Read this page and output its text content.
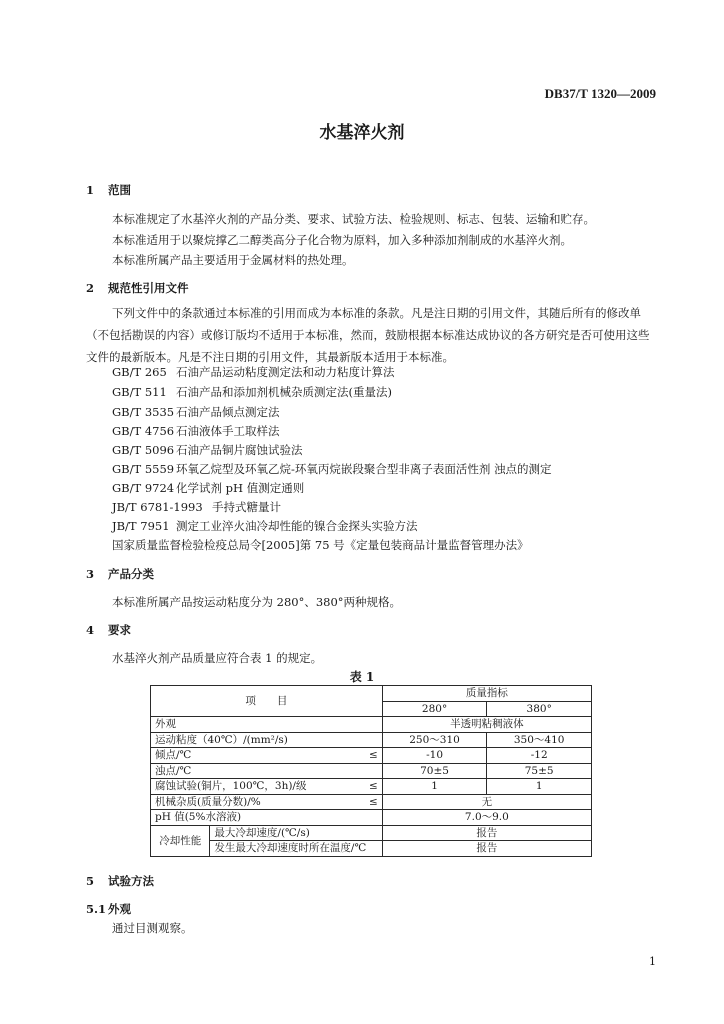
DB37/T 1320—2009
水基淬火剂
1 范围
本标准规定了水基淬火剂的产品分类、要求、试验方法、检验规则、标志、包装、运输和贮存。
本标准适用于以聚烷撑乙二醇类高分子化合物为原料，加入多种添加剂制成的水基淬火剂。
本标准所属产品主要适用于金属材料的热处理。
2 规范性引用文件
下列文件中的条款通过本标准的引用而成为本标准的条款。凡是注日期的引用文件，其随后所有的修改单（不包括勘误的内容）或修订版均不适用于本标准，然而，鼓励根据本标准达成协议的各方研究是否可使用这些文件的最新版本。凡是不注日期的引用文件，其最新版本适用于本标准。
GB/T 265 石油产品运动粘度测定法和动力粘度计算法
GB/T 511 石油产品和添加剂机械杂质测定法(重量法)
GB/T 3535 石油产品倾点测定法
GB/T 4756 石油液体手工取样法
GB/T 5096 石油产品铜片腐蚀试验法
GB/T 5559 环氧乙烷型及环氧乙烷-环氧丙烷嵌段聚合型非离子表面活性剂 浊点的测定
GB/T 9724 化学试剂 pH 值测定通则
JB/T 6781-1993 手持式糖量计
JB/T 7951 测定工业淬火油冷却性能的镍合金探头实验方法
国家质量监督检验检疫总局令[2005]第 75 号《定量包装商品计量监督管理办法》
3 产品分类
本标准所属产品按运动粘度分为 280°、380°两种规格。
4 要求
水基淬火剂产品质量应符合表 1 的规定。
表 1
项　　目			质量指标	
			280°	380°
外观			半透明粘稠液体	
运动粘度（40℃）/(mm²/s)			250～310	350～410
倾点/℃		≤	-10	-12
浊点/℃			70±5	75±5
腐蚀试验(铜片，100℃，3h)/级		≤	1	1
机械杂质(质量分数)/%		≤	无	
pH 值(5%水溶液)			7.0～9.0	
冷却性能	最大冷却速度/(℃/s)		报告	
	发生最大冷却速度时所在温度/℃		报告	
5 试验方法
5.1 外观
通过目测观察。
1
